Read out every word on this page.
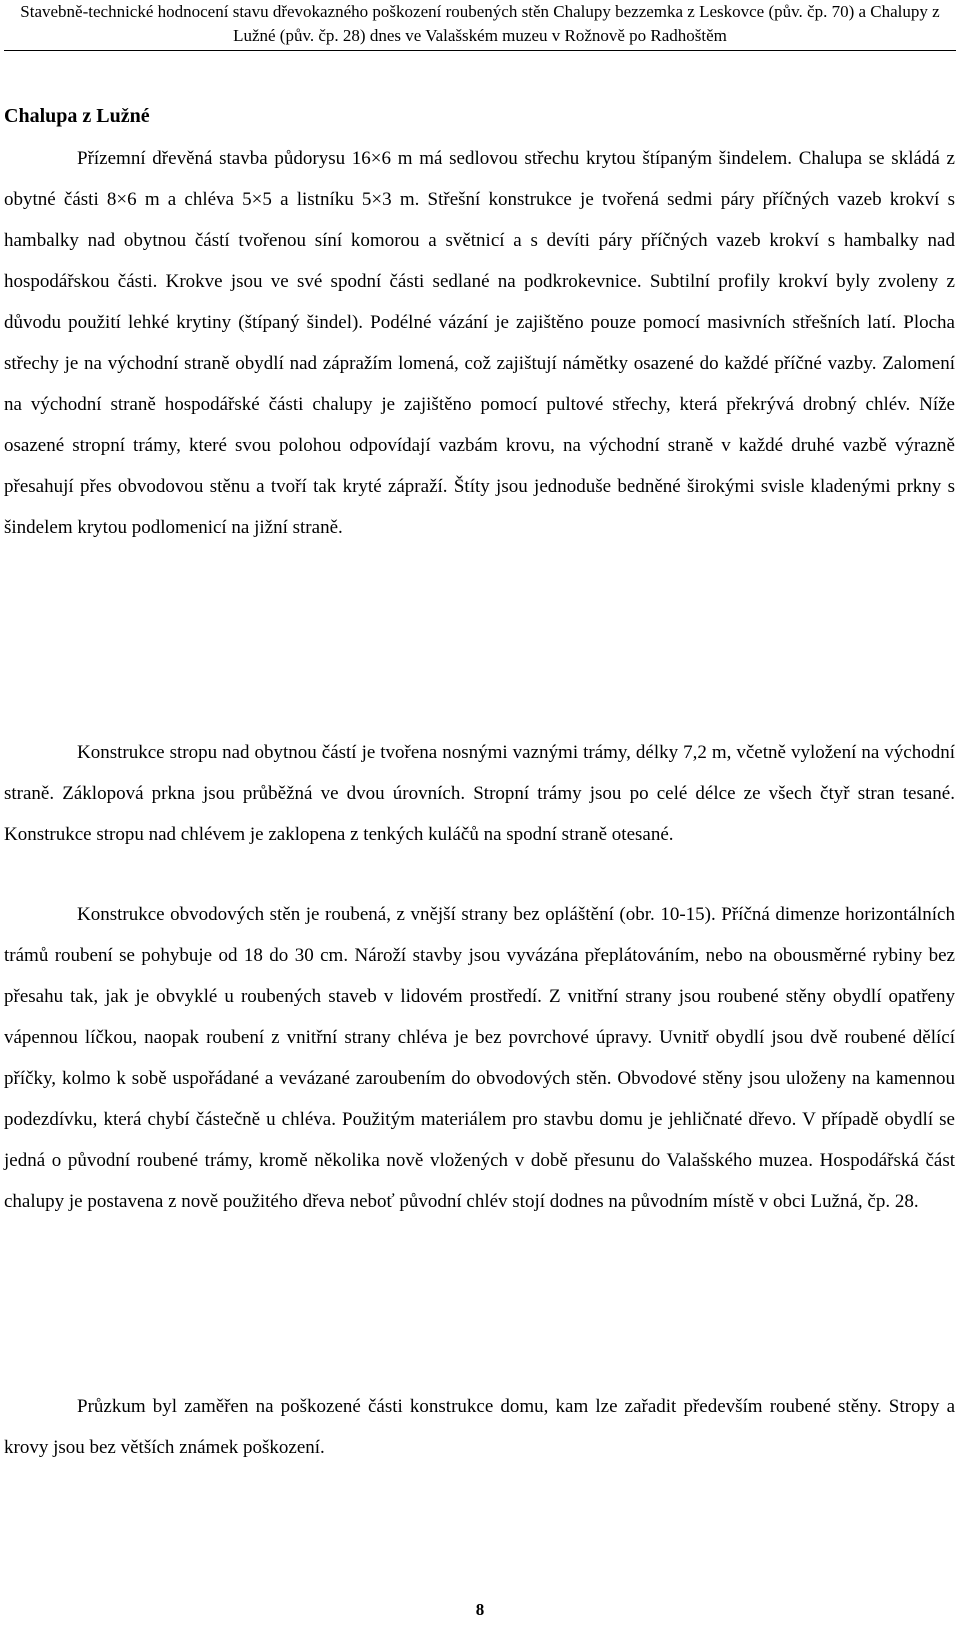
Stavebně-technické hodnocení stavu dřevokazného poškození roubených stěn Chalupy bezzemka z Leskovce (pův. čp. 70) a Chalupy z Lužné (pův. čp. 28) dnes ve Valašském muzeu v Rožnově po Radhoštěm
Chalupa z Lužné

Přízemní dřevěná stavba půdorysu 16×6 m má sedlovou střechu krytou štípaným šindelem. Chalupa se skládá z obytné části 8×6 m a chléva 5×5 a listníku 5×3 m. Střešní konstrukce je tvořená sedmi páry příčných vazeb krokví s hambalky nad obytnou částí tvořenou síní komorou a světnicí a s devíti páry příčných vazeb krokví s hambalky nad hospodářskou části. Krokve jsou ve své spodní části sedlané na podkrokevnice. Subtilní profily krokví byly zvoleny z důvodu použití lehké krytiny (štípaný šindel). Podélné vázání je zajištěno pouze pomocí masivních střešních latí. Plocha střechy je na východní straně obydlí nad zápražím lomená, což zajištují námětky osazené do každé příčné vazby. Zalomení na východní straně hospodářské části chalupy je zajištěno pomocí pultové střechy, která překrývá drobný chlév. Níže osazené stropní trámy, které svou polohou odpovídají vazbám krovu, na východní straně v každé druhé vazbě výrazně přesahují přes obvodovou stěnu a tvoří tak kryté zápraží. Štíty jsou jednoduše bedněné širokými svisle kladenými prkny s šindelem krytou podlomenicí na jižní straně.

Konstrukce stropu nad obytnou částí je tvořena nosnými vaznými trámy, délky 7,2 m, včetně vyložení na východní straně. Záklopová prkna jsou průběžná ve dvou úrovních. Stropní trámy jsou po celé délce ze všech čtyř stran tesané. Konstrukce stropu nad chlévem je zaklopena z tenkých kuláčů na spodní straně otesané.

Konstrukce obvodových stěn je roubená, z vnější strany bez opláštění (obr. 10-15). Příčná dimenze horizontálních trámů roubení se pohybuje od 18 do 30 cm. Nároží stavby jsou vyvázána přeplátováním, nebo na obousměrné rybiny bez přesahu tak, jak je obvyklé u roubených staveb v lidovém prostředí. Z vnitřní strany jsou roubené stěny obydlí opatřeny vápennou líčkou, naopak roubení z vnitřní strany chléva je bez povrchové úpravy. Uvnitř obydlí jsou dvě roubené dělící příčky, kolmo k sobě uspořádané a vevázané zaroubením do obvodových stěn. Obvodové stěny jsou uloženy na kamennou podezdívku, která chybí částečně u chléva. Použitým materiálem pro stavbu domu je jehličnaté dřevo. V případě obydlí se jedná o původní roubené trámy, kromě několika nově vložených v době přesunu do Valašského muzea. Hospodářská část chalupy je postavena z nově použitého dřeva neboť původní chlév stojí dodnes na původním místě v obci Lužná, čp. 28.

Průzkum byl zaměřen na poškozené části konstrukce domu, kam lze zařadit především roubené stěny. Stropy a krovy jsou bez větších známek poškození.

8
